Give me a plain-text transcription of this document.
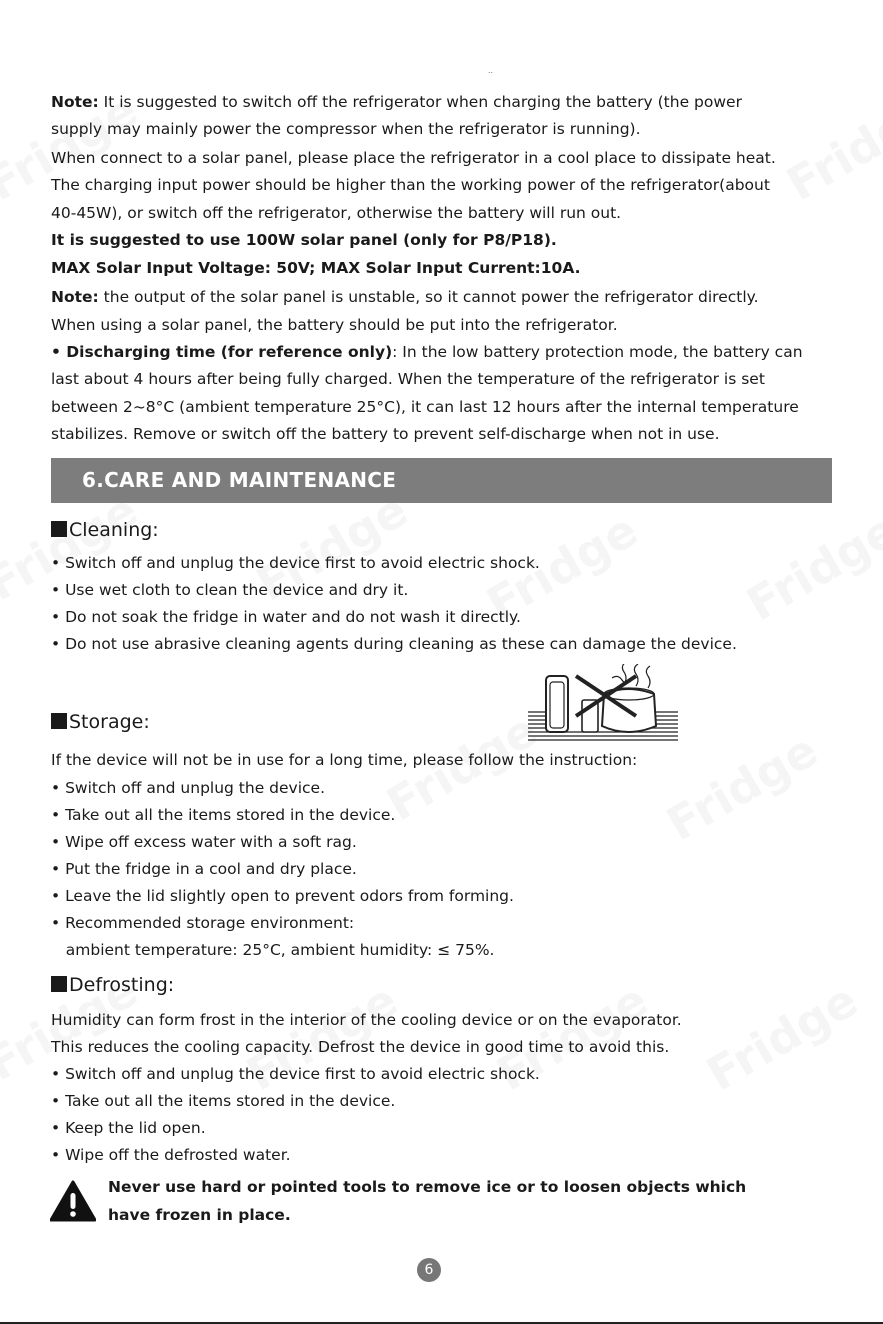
..
Note: It is suggested to switch off the refrigerator when charging the battery (the power
supply may mainly power the compressor when the refrigerator is running).
When connect to a solar panel, please place the refrigerator in a cool place to dissipate heat.
The charging input power should be higher than the working power of the refrigerator(about
40-45W), or switch off the refrigerator, otherwise the battery will run out.
It is suggested to use 100W solar panel (only for P8/P18).
MAX Solar Input Voltage: 50V; MAX Solar Input Current:10A.
Note: the output of the solar panel is unstable, so it cannot power the refrigerator directly.
When using a solar panel, the battery should be put into the refrigerator.
• Discharging time (for reference only): In the low battery protection mode, the battery can
last about 4 hours after being fully charged. When the temperature of the refrigerator is set
between 2~8°C (ambient temperature 25°C), it can last 12 hours after the internal temperature
stabilizes. Remove or switch off the battery to prevent self-discharge when not in use.
6.CARE AND MAINTENANCE
Cleaning:
• Switch off and unplug the device first to avoid electric shock.
• Use wet cloth to clean the device and dry it.
• Do not soak the fridge in water and do not wash it directly.
• Do not use abrasive cleaning agents during cleaning as these can damage the device.
Storage:
If the device will not be in use for a long time, please follow the instruction:
• Switch off and unplug the device.
• Take out all the items stored in the device.
• Wipe off excess water with a soft rag.
• Put the fridge in a cool and dry place.
• Leave the lid slightly open to prevent odors from forming.
• Recommended storage environment:
ambient temperature: 25°C, ambient humidity: ≤ 75%.
Defrosting:
Humidity can form frost in the interior of the cooling device or on the evaporator.
This reduces the cooling capacity. Defrost the device in good time to avoid this.
• Switch off and unplug the device first to avoid electric shock.
• Take out all the items stored in the device.
• Keep the lid open.
• Wipe off the defrosted water.
Never use hard or pointed tools to remove ice or to loosen objects which
have frozen in place.
6
